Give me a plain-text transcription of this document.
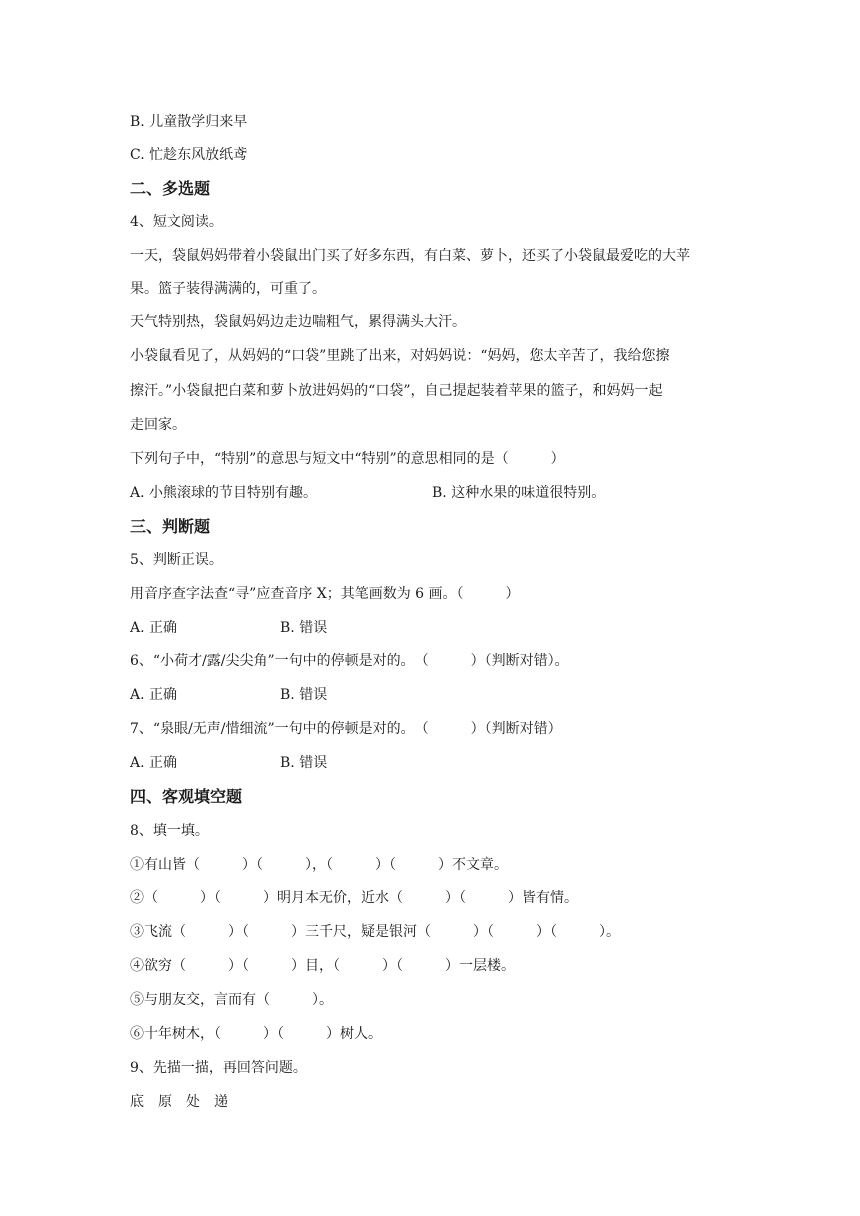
B. 儿童散学归来早
C. 忙趁东风放纸鸢
二、多选题
4、短文阅读。
一天，袋鼠妈妈带着小袋鼠出门买了好多东西，有白菜、萝卜，还买了小袋鼠最爱吃的大苹
果。篮子装得满满的，可重了。
天气特别热，袋鼠妈妈边走边喘粗气，累得满头大汗。
小袋鼠看见了，从妈妈的“口袋”里跳了出来，对妈妈说：“妈妈，您太辛苦了，我给您擦
擦汗。”小袋鼠把白菜和萝卜放进妈妈的“口袋”，自己提起装着苹果的篮子，和妈妈一起
走回家。
下列句子中，“特别”的意思与短文中“特别”的意思相同的是（　　　）
A. 小熊滚球的节目特别有趣。	B. 这种水果的味道很特别。
三、判断题
5、判断正误。
用音序查字法查“寻”应查音序 X；其笔画数为 6 画。（　　　）
A. 正确	B. 错误
6、“小荷才/露/尖尖角”一句中的停顿是对的。　（　　　）（判断对错）。
A. 正确	B. 错误
7、“泉眼/无声/惜细流”一句中的停顿是对的。　（　　　）（判断对错）
A. 正确	B. 错误
四、客观填空题
8、填一填。
①有山皆（　　　）（　　　），（　　　）（　　　）不文章。
②（　　　）（　　　）明月本无价，近水（　　　）（　　　）皆有情。
③飞流（　　　）（　　　）三千尺，疑是银河（　　　）（　　　）（　　　）。
④欲穷（　　　）（　　　）目，（　　　）（　　　）一层楼。
⑤与朋友交，言而有（　　　）。
⑥十年树木，（　　　）（　　　）树人。
9、先描一描，再回答问题。
底　原　处　递
